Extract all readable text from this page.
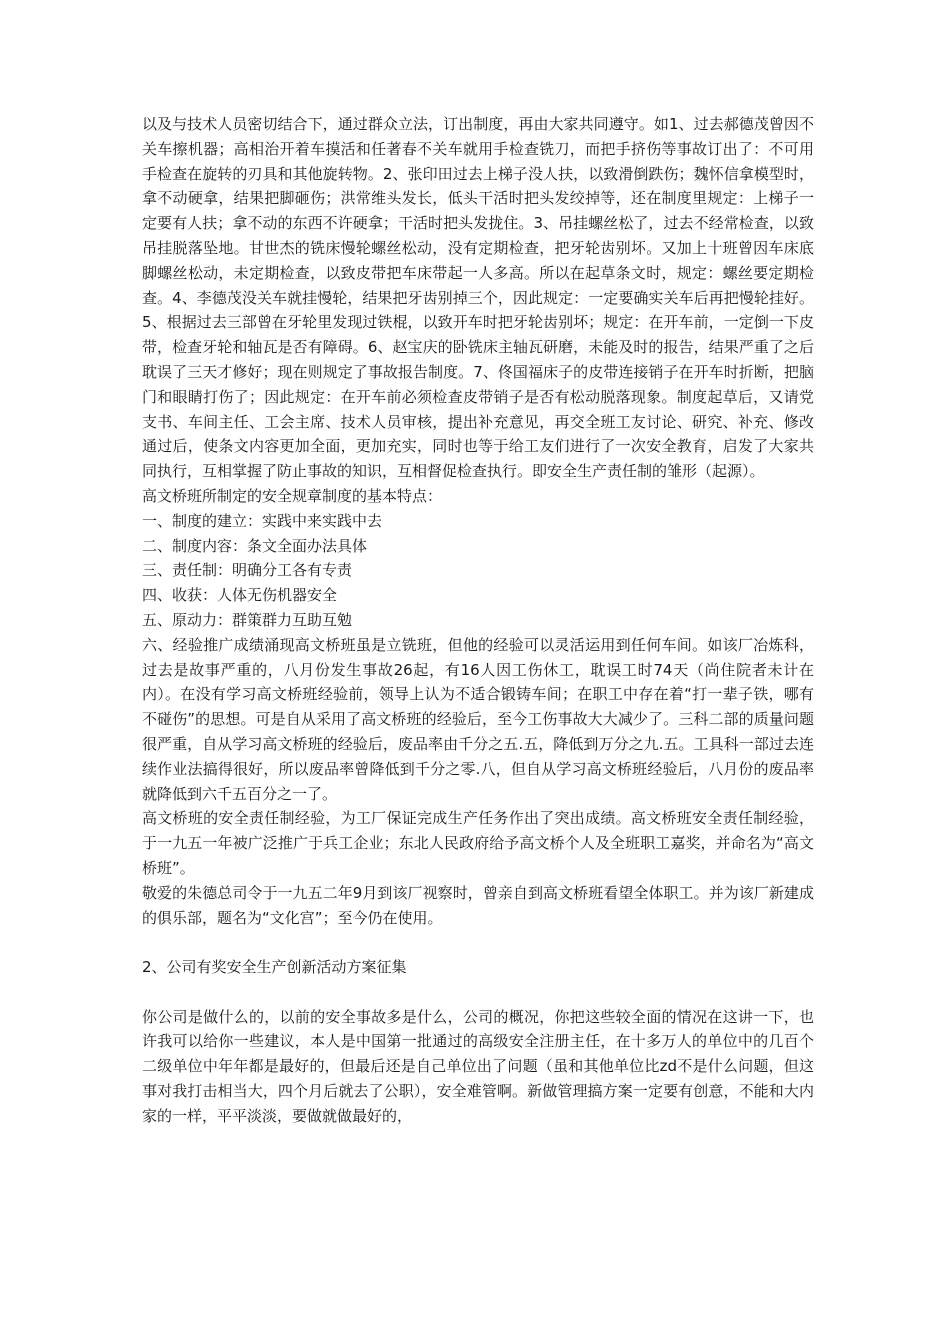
以及与技术人员密切结合下，通过群众立法，订出制度，再由大家共同遵守。如1、过去郝德茂曾因不关车擦机器；高相治开着车摸活和任著春不关车就用手检查铣刀，而把手挤伤等事故订出了：不可用手检查在旋转的刃具和其他旋转物。2、张印田过去上梯子没人扶，以致滑倒跌伤；魏怀信拿模型时，拿不动硬拿，结果把脚砸伤；洪常维头发长，低头干活时把头发绞掉等，还在制度里规定：上梯子一定要有人扶；拿不动的东西不许硬拿；干活时把头发拢住。3、吊挂螺丝松了，过去不经常检查，以致吊挂脱落坠地。甘世杰的铣床慢轮螺丝松动，没有定期检查，把牙轮齿别坏。又加上十班曾因车床底脚螺丝松动，未定期检查，以致皮带把车床带起一人多高。所以在起草条文时，规定：螺丝要定期检查。4、李德茂没关车就挂慢轮，结果把牙齿别掉三个，因此规定：一定要确实关车后再把慢轮挂好。5、根据过去三部曾在牙轮里发现过铁棍，以致开车时把牙轮齿别坏；规定：在开车前，一定倒一下皮带，检查牙轮和轴瓦是否有障碍。6、赵宝庆的卧铣床主轴瓦研磨，未能及时的报告，结果严重了之后耽误了三天才修好；现在则规定了事故报告制度。7、佟国福床子的皮带连接销子在开车时折断，把脑门和眼睛打伤了；因此规定：在开车前必须检查皮带销子是否有松动脱落现象。制度起草后，又请党支书、车间主任、工会主席、技术人员审核，提出补充意见，再交全班工友讨论、研究、补充、修改通过后，使条文内容更加全面，更加充实，同时也等于给工友们进行了一次安全教育，启发了大家共同执行，互相掌握了防止事故的知识，互相督促检查执行。即安全生产责任制的雏形（起源）。

高文桥班所制定的安全规章制度的基本特点：

一、制度的建立：实践中来实践中去

二、制度内容：条文全面办法具体

三、责任制：明确分工各有专责

四、收获：人体无伤机器安全

五、原动力：群策群力互助互勉

六、经验推广成绩涌现高文桥班虽是立铣班，但他的经验可以灵活运用到任何车间。如该厂冶炼科，过去是故事严重的，八月份发生事故26起，有16人因工伤休工，耽误工时74天（尚住院者未计在内）。在没有学习高文桥班经验前，领导上认为不适合锻铸车间；在职工中存在着“打一辈子铁，哪有不碰伤”的思想。可是自从采用了高文桥班的经验后，至今工伤事故大大减少了。三科二部的质量问题很严重，自从学习高文桥班的经验后，废品率由千分之五.五，降低到万分之九.五。工具科一部过去连续作业法搞得很好，所以废品率曾降低到千分之零.八，但自从学习高文桥班经验后，八月份的废品率就降低到六千五百分之一了。

高文桥班的安全责任制经验，为工厂保证完成生产任务作出了突出成绩。高文桥班安全责任制经验，于一九五一年被广泛推广于兵工企业；东北人民政府给予高文桥个人及全班职工嘉奖，并命名为“高文桥班”。

敬爱的朱德总司令于一九五二年9月到该厂视察时，曾亲自到高文桥班看望全体职工。并为该厂新建成的俱乐部，题名为“文化宫”；至今仍在使用。

2、公司有奖安全生产创新活动方案征集

你公司是做什么的，以前的安全事故多是什么，公司的概况，你把这些较全面的情况在这讲一下，也许我可以给你一些建议，本人是中国第一批通过的高级安全注册主任，在十多万人的单位中的几百个二级单位中年年都是最好的，但最后还是自己单位出了问题（虽和其他单位比zd不是什么问题，但这事对我打击相当大，四个月后就去了公职），安全难管啊。新做管理搞方案一定要有创意，不能和大内家的一样，平平淡淡，要做就做最好的，
